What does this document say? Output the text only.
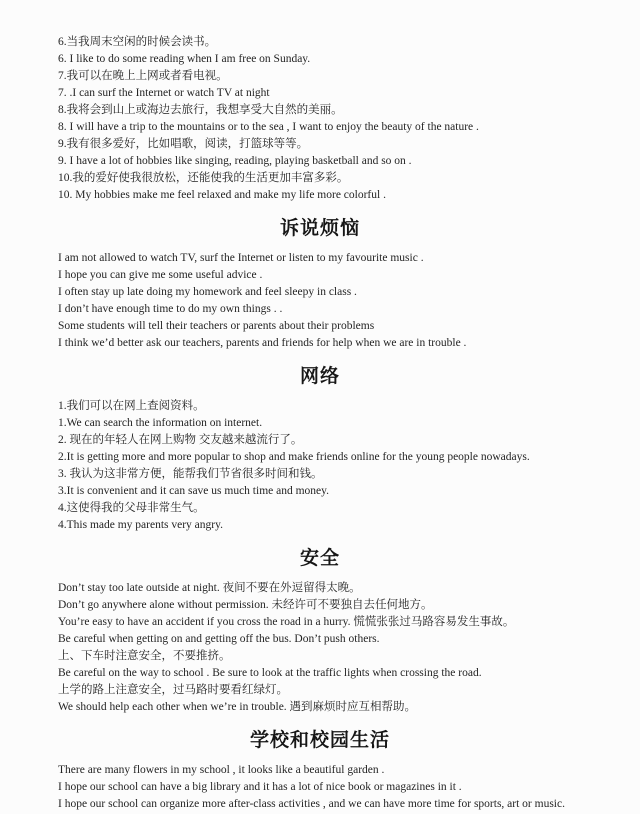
6.当我周末空闲的时候会读书。

6. I like to do some reading when I am free on Sunday.

7.我可以在晚上上网或者看电视。

7. .I can surf the Internet or watch TV at night

8.我将会到山上或海边去旅行，我想享受大自然的美丽。

8. I will have a trip to the mountains or to the sea , I want to enjoy the beauty of the nature .

9.我有很多爱好，比如唱歌，阅读，打篮球等等。

9. I have a lot of hobbies like singing, reading, playing basketball and so on .

10.我的爱好使我很放松，还能使我的生活更加丰富多彩。

10. My hobbies make me feel relaxed and make my life more colorful .

诉说烦恼

I am not allowed to watch TV, surf the Internet or listen to my favourite music .

I hope you can give me some useful advice .

I often stay up late doing my homework and feel sleepy in class .

I don’t have enough time to do my own things . .

Some students will tell their teachers or parents about their problems

I think we’d better ask our teachers, parents and friends for help when we are in trouble .

网络

1.我们可以在网上查阅资料。

1.We can search the information on internet.

2. 现在的年轻人在网上购物 交友越来越流行了。

2.It is getting more and more popular to shop and make friends online for the young people nowadays.

3. 我认为这非常方便，能帮我们节省很多时间和钱。

3.It is convenient and it can save us much time and money.

4.这使得我的父母非常生气。

4.This made my parents very angry.

安全

Don’t stay too late outside at night. 夜间不要在外逗留得太晚。

Don’t go anywhere alone without permission. 未经许可不要独自去任何地方。

You’re easy to have an accident if you cross the road in a hurry. 慌慌张张过马路容易发生事故。

Be careful when getting on and getting off the bus. Don’t push others.

上、下车时注意安全，不要推挤。

Be careful on the way to school . Be sure to look at the traffic lights when crossing the road.

上学的路上注意安全，过马路时要看红绿灯。

We should help each other when we’re in trouble. 遇到麻烦时应互相帮助。

学校和校园生活

There are many flowers in my school , it looks like a beautiful garden .

I hope our school can have a big library and it has a lot of nice book or magazines in it .

I hope our school can organize more after-class activities , and we can have more time for sports, art or music.
